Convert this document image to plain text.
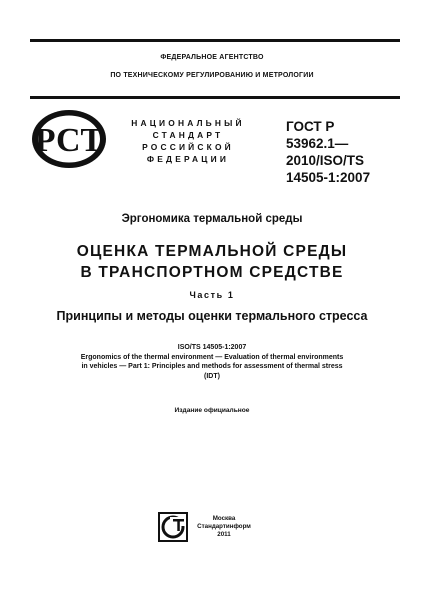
ФЕДЕРАЛЬНОЕ АГЕНТСТВО
ПО ТЕХНИЧЕСКОМУ РЕГУЛИРОВАНИЮ И МЕТРОЛОГИИ
РСТ	НАЦИОНАЛЬНЫЙ
СТАНДАРТ
РОССИЙСКОЙ
ФЕДЕРАЦИИ
ГОСТ Р
53962.1—
2010/ISO/TS
14505-1:2007
Эргономика термальной среды
ОЦЕНКА ТЕРМАЛЬНОЙ СРЕДЫ
В ТРАНСПОРТНОМ СРЕДСТВЕ
Часть 1
Принципы и методы оценки термального стресса
ISO/TS 14505-1:2007
Ergonomics of the thermal environment — Evaluation of thermal environments
in vehicles — Part 1: Principles and methods for assessment of thermal stress
(IDT)
Издание официальное
Москва
Стандартинформ
2011
